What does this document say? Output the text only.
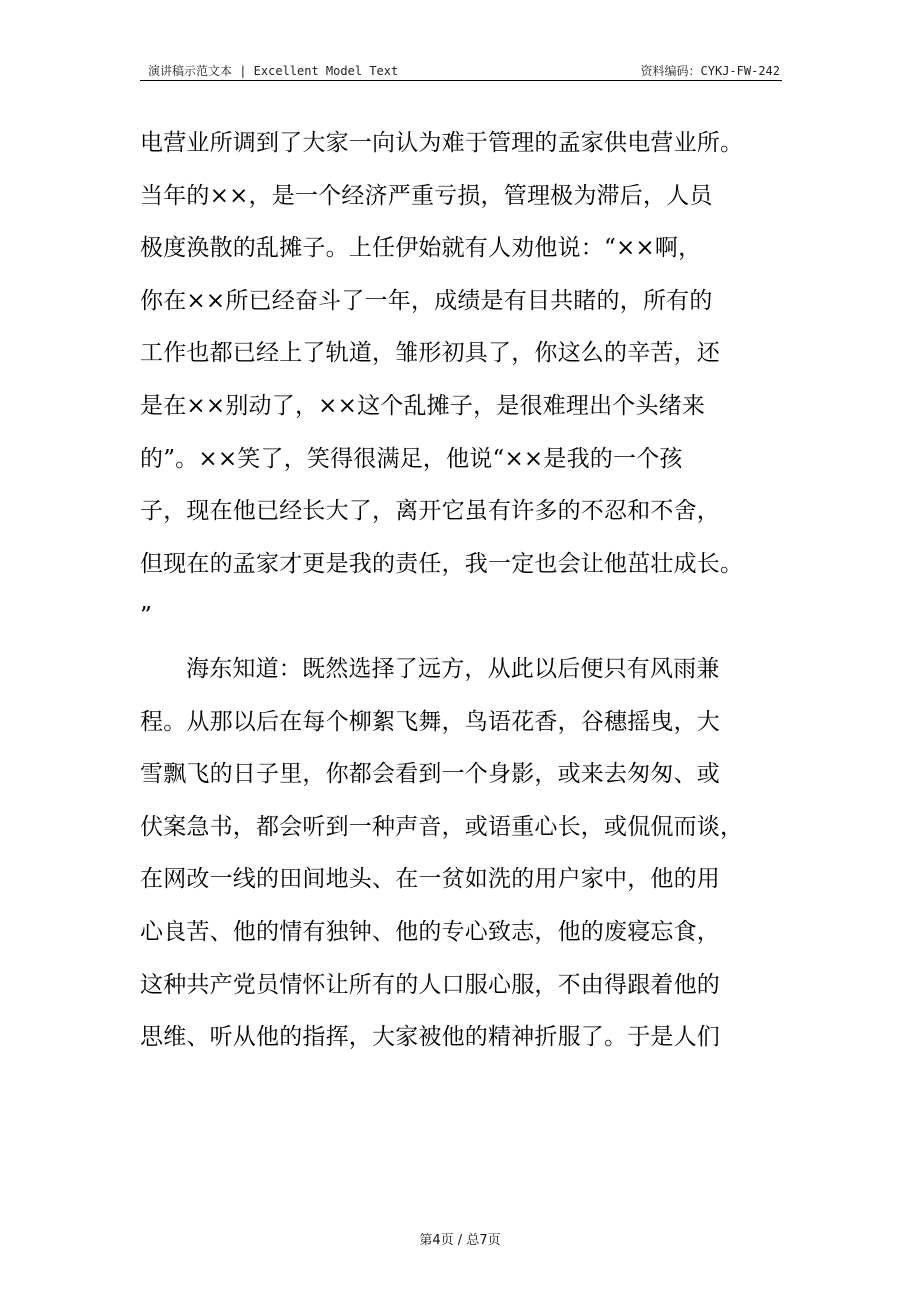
演讲稿示范文本 | Excellent Model Text	资料编码：CYKJ-FW-242
电营业所调到了大家一向认为难于管理的孟家供电营业所。
当年的××，是一个经济严重亏损，管理极为滞后，人员
极度涣散的乱摊子。上任伊始就有人劝他说：“××啊，
你在××所已经奋斗了一年，成绩是有目共睹的，所有的
工作也都已经上了轨道，雏形初具了，你这么的辛苦，还
是在××别动了，××这个乱摊子，是很难理出个头绪来
的”。××笑了，笑得很满足，他说“××是我的一个孩
子，现在他已经长大了，离开它虽有许多的不忍和不舍，
但现在的孟家才更是我的责任，我一定也会让他茁壮成长。
”
海东知道：既然选择了远方，从此以后便只有风雨兼
程。从那以后在每个柳絮飞舞，鸟语花香，谷穗摇曳，大
雪飘飞的日子里，你都会看到一个身影，或来去匆匆、或
伏案急书，都会听到一种声音，或语重心长，或侃侃而谈，
在网改一线的田间地头、在一贫如洗的用户家中，他的用
心良苦、他的情有独钟、他的专心致志，他的废寝忘食，
这种共产党员情怀让所有的人口服心服，不由得跟着他的
思维、听从他的指挥，大家被他的精神折服了。于是人们
第4页 / 总7页
